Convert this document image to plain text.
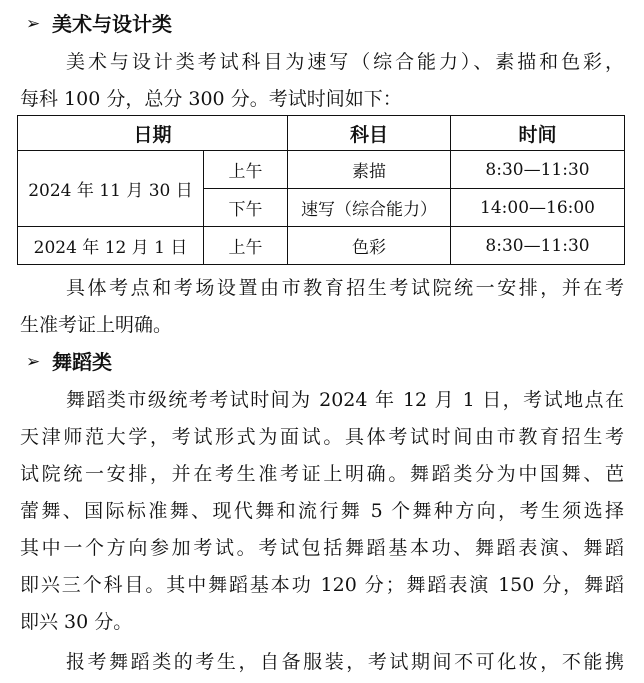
➢ 美术与设计类
美术与设计类考试科目为速写（综合能力）、素描和色彩，
每科 100 分，总分 300 分。考试时间如下：
日期		科目	时间
2024 年 11 月 30 日	上午	素描	8:30—11:30
	下午	速写（综合能力）	14:00—16:00
2024 年 12 月 1 日	上午	色彩	8:30—11:30
具体考点和考场设置由市教育招生考试院统一安排，并在考
生准考证上明确。
➢ 舞蹈类
舞蹈类市级统考考试时间为 2024 年 12 月 1 日，考试地点在
天津师范大学，考试形式为面试。具体考试时间由市教育招生考
试院统一安排，并在考生准考证上明确。舞蹈类分为中国舞、芭
蕾舞、国际标准舞、现代舞和流行舞 5 个舞种方向，考生须选择
其中一个方向参加考试。考试包括舞蹈基本功、舞蹈表演、舞蹈
即兴三个科目。其中舞蹈基本功 120 分；舞蹈表演 150 分，舞蹈
即兴 30 分。
报考舞蹈类的考生，自备服装，考试期间不可化妆，不能携
